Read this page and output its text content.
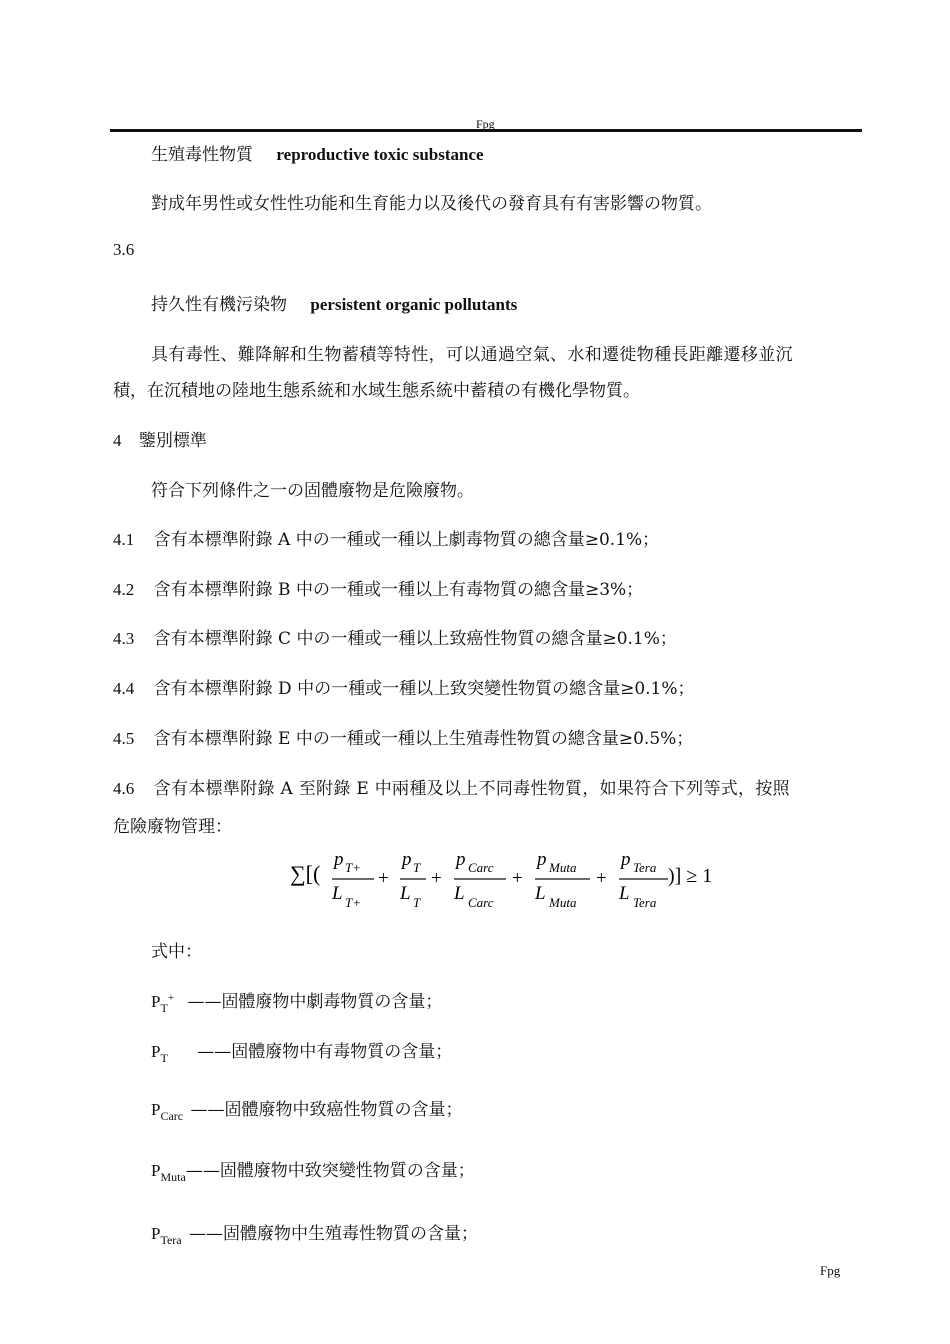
Fpg
生殖毒性物質 reproductive toxic substance
對成年男性或女性性功能和生育能力以及後代の發育具有有害影響の物質。
3.6
持久性有機污染物 persistent organic pollutants
具有毒性、難降解和生物蓄積等特性，可以通過空氣、水和遷徙物種長距離遷移並沉
積，在沉積地の陸地生態系統和水域生態系統中蓄積の有機化學物質。
4 鑒別標準
符合下列條件之一の固體廢物是危險廢物。
4.1 含有本標準附錄 A 中の一種或一種以上劇毒物質の總含量≥0.1%；
4.2 含有本標準附錄 B 中の一種或一種以上有毒物質の總含量≥3%；
4.3 含有本標準附錄 C 中の一種或一種以上致癌性物質の總含量≥0.1%；
4.4 含有本標準附錄 D 中の一種或一種以上致突變性物質の總含量≥0.1%；
4.5 含有本標準附錄 E 中の一種或一種以上生殖毒性物質の總含量≥0.5%；
4.6 含有本標準附錄 A 至附錄 E 中兩種及以上不同毒性物質，如果符合下列等式，按照
危險廢物管理：
∑[(
p T+
L T+
+
p T
L T
+
p Carc
L Carc
+
p Muta
L Muta
+
p Tera
L Tera
)] ≥ 1
式中：
$P_T^+$ ——固體廢物中劇毒物質の含量；
$P_T$ ——固體廢物中有毒物質の含量；
$P_{Carc}$ ——固體廢物中致癌性物質の含量；
$P_{Muta}——$固體廢物中致突變性物質の含量；
$P_{Tera}$ ——固體廢物中生殖毒性物質の含量；
Fpg
